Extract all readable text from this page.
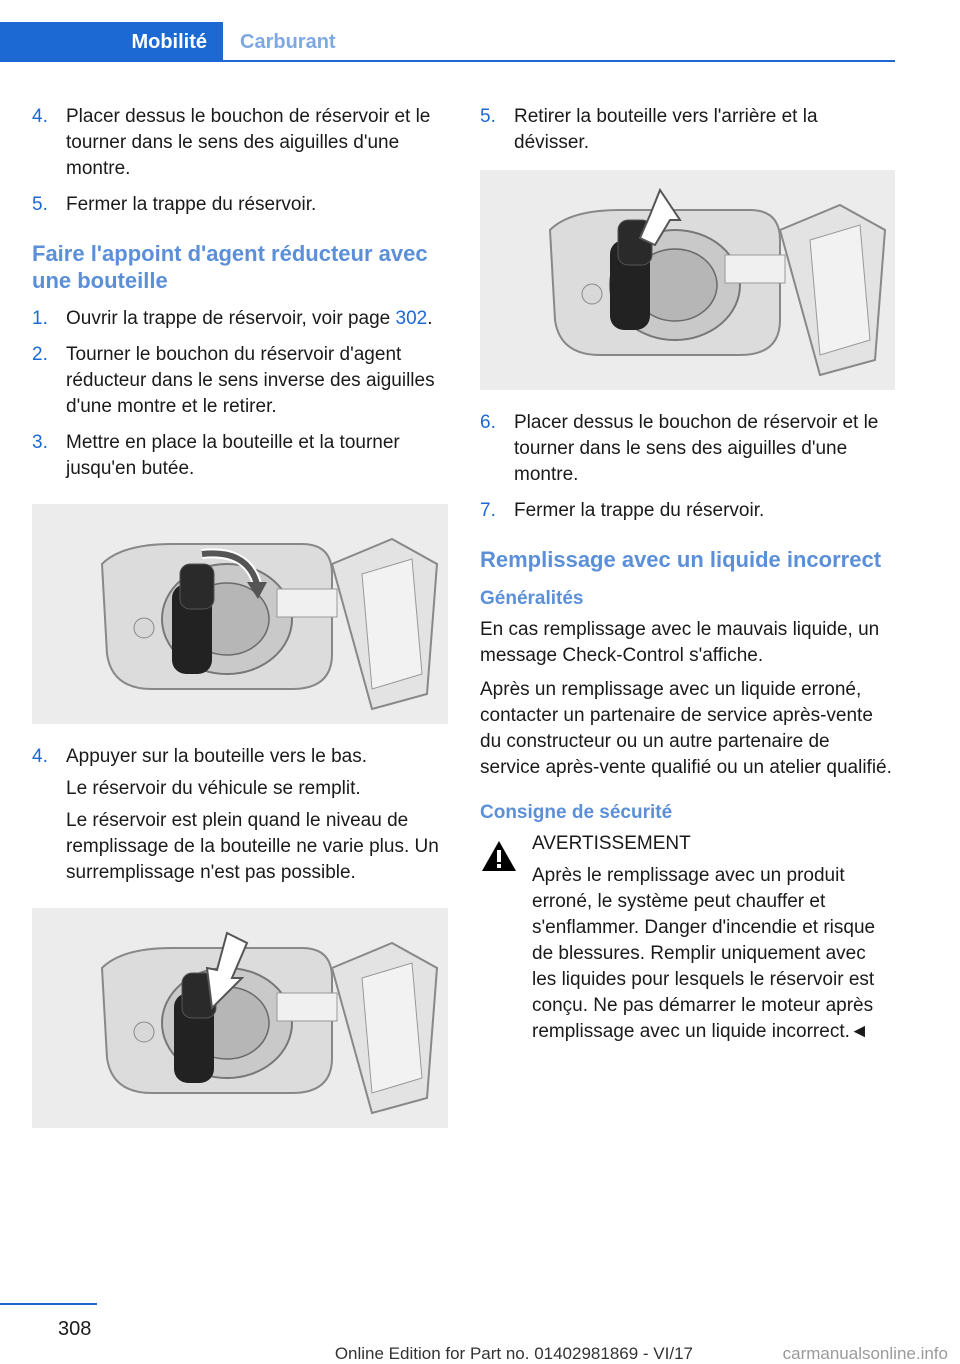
Mobilité	Carburant
4. Placer dessus le bouchon de réservoir et le tourner dans le sens des aiguilles d'une montre.
5. Fermer la trappe du réservoir.
Faire l'appoint d'agent réducteur avec une bouteille
1. Ouvrir la trappe de réservoir, voir page 302.
2. Tourner le bouchon du réservoir d'agent réducteur dans le sens inverse des aiguilles d'une montre et le retirer.
3. Mettre en place la bouteille et la tourner jusqu'en butée.
4. Appuyer sur la bouteille vers le bas.
Le réservoir du véhicule se remplit.
Le réservoir est plein quand le niveau de remplissage de la bouteille ne varie plus. Un surremplissage n'est pas possible.
5. Retirer la bouteille vers l'arrière et la dévisser.
6. Placer dessus le bouchon de réservoir et le tourner dans le sens des aiguilles d'une montre.
7. Fermer la trappe du réservoir.
Remplissage avec un liquide incorrect
Généralités

En cas remplissage avec le mauvais liquide, un message Check-Control s'affiche.

Après un remplissage avec un liquide erroné, contacter un partenaire de service après-vente du constructeur ou un autre partenaire de service après-vente qualifié ou un atelier qualifié.

Consigne de sécurité
AVERTISSEMENT
Après le remplissage avec un produit erroné, le système peut chauffer et s'enflammer. Danger d'incendie et risque de blessures. Remplir uniquement avec les liquides pour lesquels le réservoir est conçu. Ne pas démarrer le moteur après remplissage avec un liquide incorrect.◄
308
Online Edition for Part no. 01402981869 - VI/17	carmanualsonline.info
